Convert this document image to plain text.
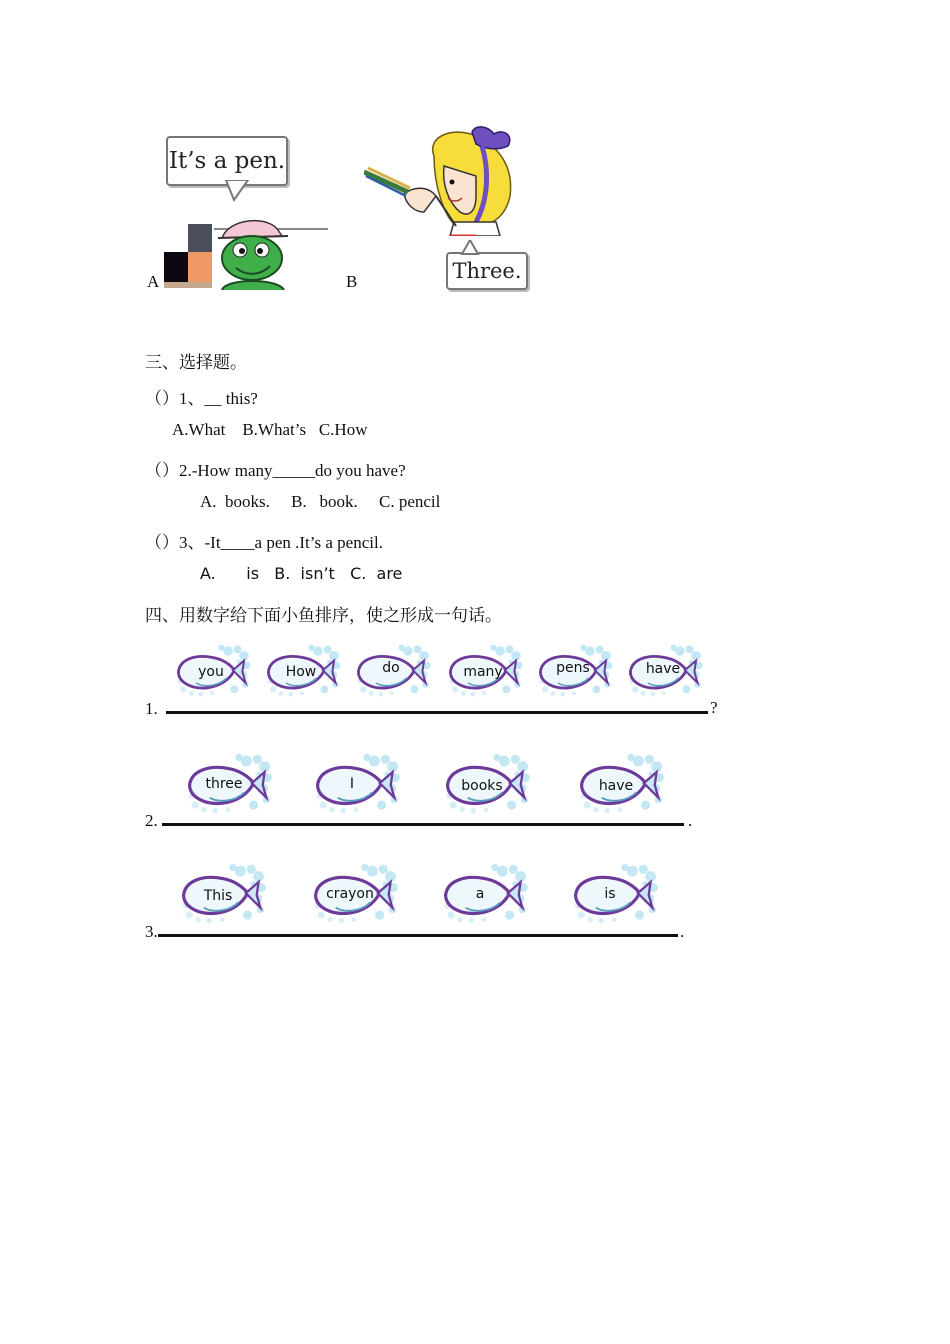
It’s a pen.
A	Three.
B
三、选择题。
（）1、__ this?
A.What    B.What’s   C.How
（）2.-How many_____do you have?
A.  books.     B.   book.     C. pencil
（）3、-It____a pen .It’s a pencil.
A.      is   B.  isn’t   C.  are
四、用数字给下面小鱼排序，使之形成一句话。
1.	?
you	How	do	many	pens	have
2.	.
three	I	books	have
3.	.
This	crayon	a	is
